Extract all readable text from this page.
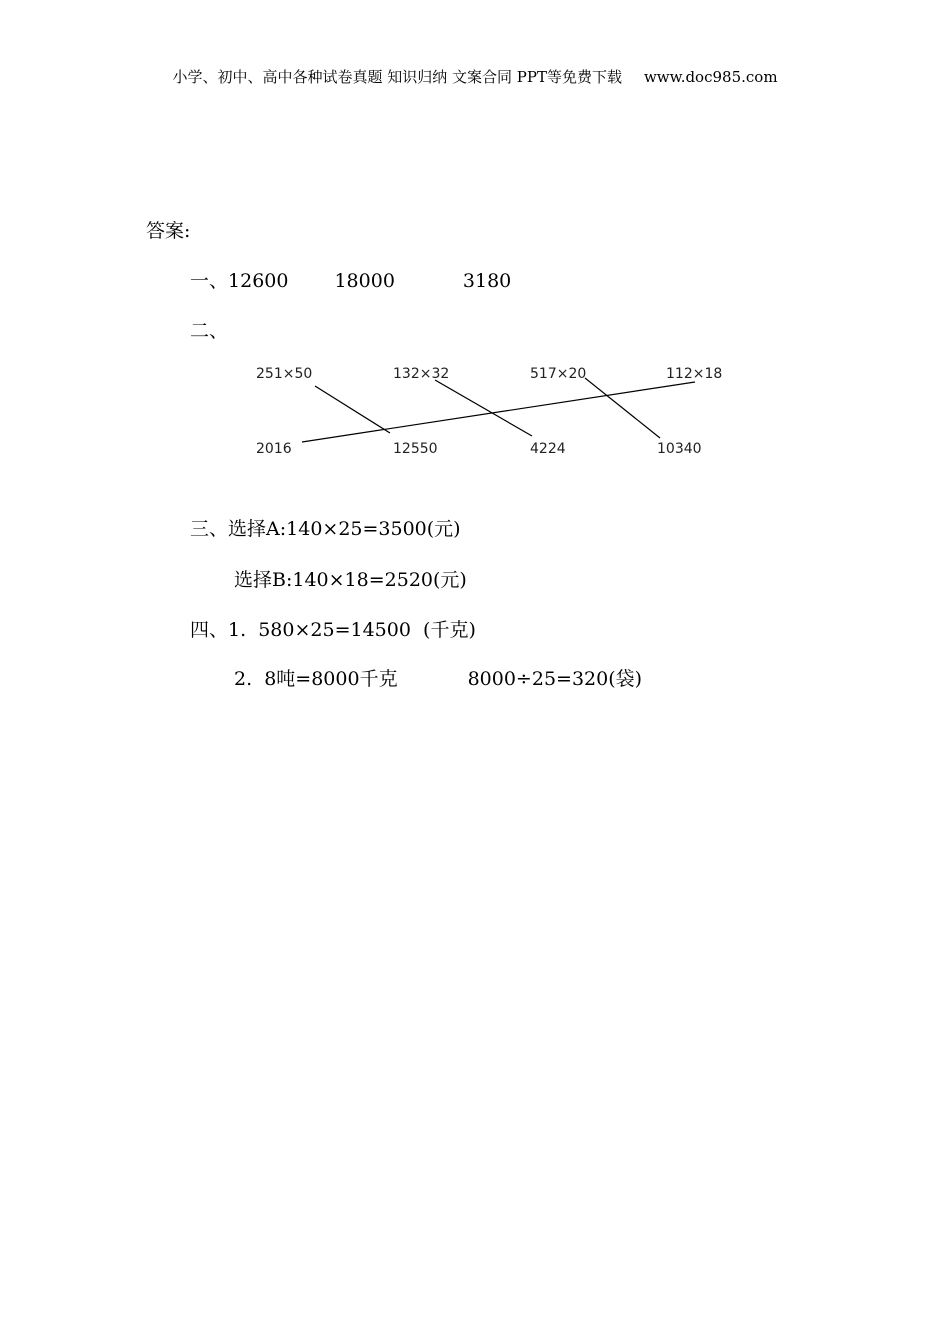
小学、初中、高中各种试卷真题 知识归纳 文案合同 PPT等免费下载 www.doc985.com
答案:
一、12600 18000	3180
二、
251×50	132×32	517×20	112×18
2016	12550	4224	10340
三、选择A:140×25=3500(元)
选择B:140×18=2520(元)
四、1.  580×25=14500  (千克)
2.  8吨=8000千克	8000÷25=320(袋)
